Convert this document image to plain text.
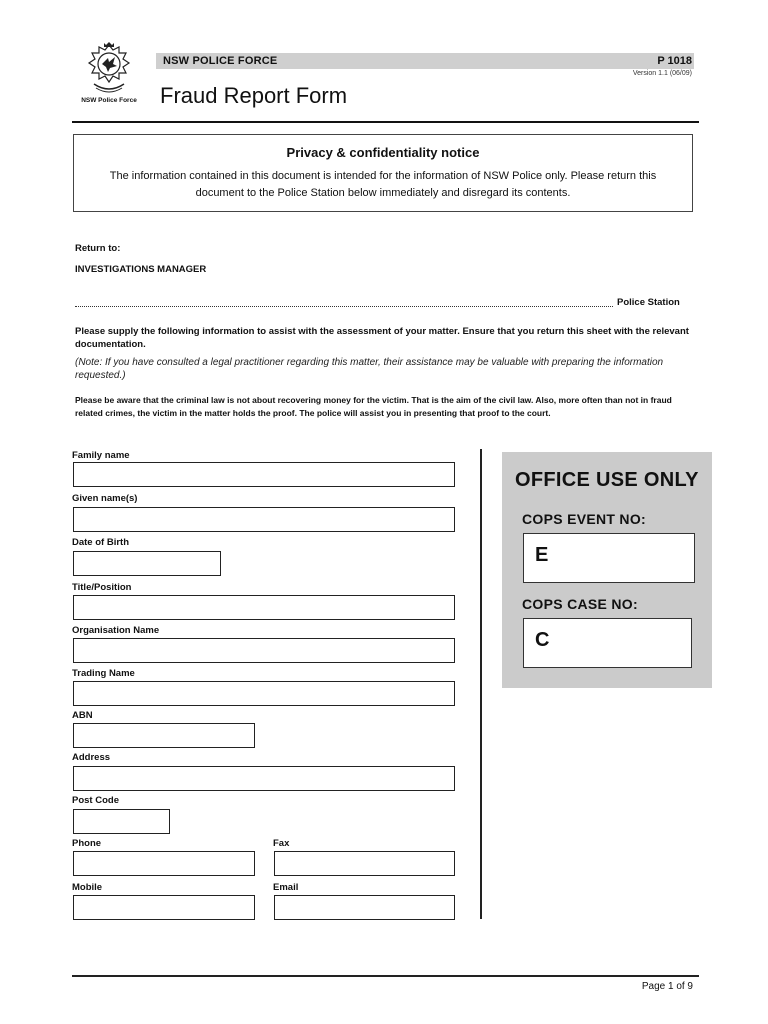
NSW Police Force
NSW POLICE FORCE	P 1018
Version 1.1 (06/09)
Fraud Report Form
Privacy & confidentiality notice
The information contained in this document is intended for the information of NSW Police only. Please return this document to the Police Station below immediately and disregard its contents.
Return to:
INVESTIGATIONS MANAGER
Police Station
Please supply the following information to assist with the assessment of your matter. Ensure that you return this sheet with the relevant documentation.
(Note: If you have consulted a legal practitioner regarding this matter, their assistance may be valuable with preparing the information requested.)
Please be aware that the criminal law is not about recovering money for the victim. That is the aim of the civil law. Also, more often than not in fraud related crimes, the victim in the matter holds the proof. The police will assist you in presenting that proof to the court.
Family name
Given name(s)
Date of Birth
Title/Position
Organisation Name
Trading Name
ABN
Address
Post Code
Phone	Fax
Mobile	Email
OFFICE USE ONLY
COPS EVENT NO:
E
COPS CASE NO:
C
Page 1 of 9
